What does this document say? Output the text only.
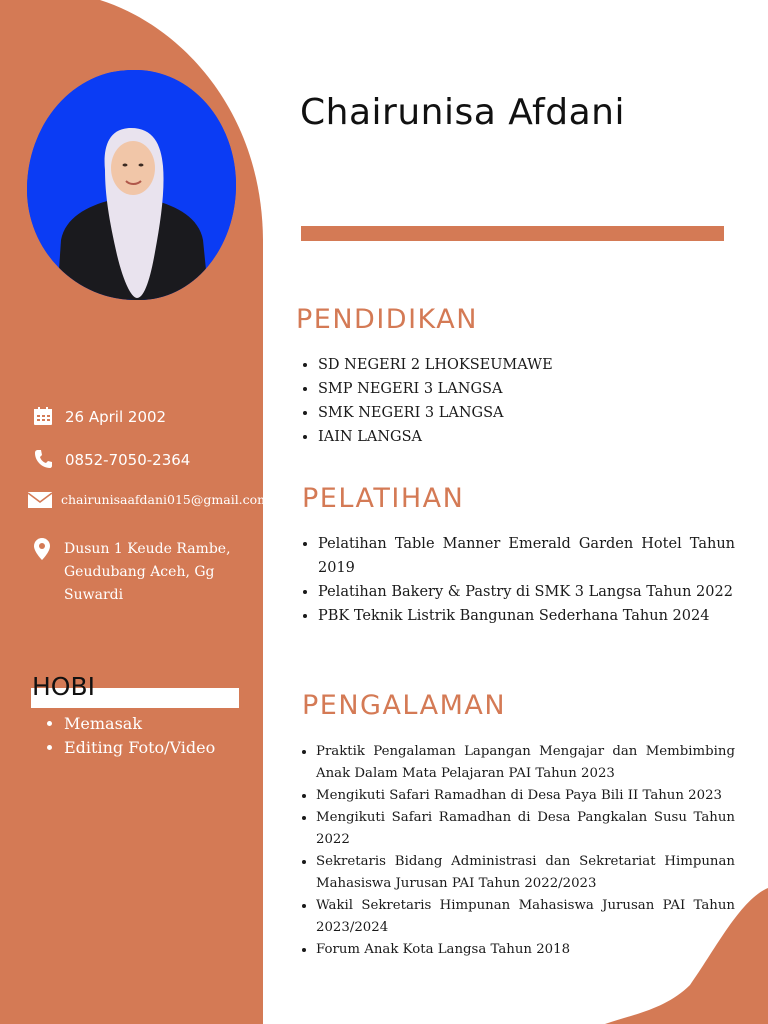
Chairunisa Afdani
26 April 2002
0852-7050-2364
chairunisaafdani015@gmail.com
Dusun 1 Keude Rambe, Geudubang Aceh, Gg Suwardi
HOBI
• Memasak
• Editing Foto/Video
PENDIDIKAN
• SD NEGERI 2 LHOKSEUMAWE
• SMP NEGERI 3 LANGSA
• SMK NEGERI 3 LANGSA
• IAIN LANGSA
PELATIHAN
• Pelatihan Table Manner Emerald Garden Hotel Tahun 2019
• Pelatihan Bakery & Pastry di SMK 3 Langsa Tahun 2022
• PBK Teknik Listrik Bangunan Sederhana Tahun 2024
PENGALAMAN
• Praktik Pengalaman Lapangan Mengajar dan Membimbing Anak Dalam Mata Pelajaran PAI Tahun 2023
• Mengikuti Safari Ramadhan di Desa Paya Bili II Tahun 2023
• Mengikuti Safari Ramadhan di Desa Pangkalan Susu Tahun 2022
• Sekretaris Bidang Administrasi dan Sekretariat Himpunan Mahasiswa Jurusan PAI Tahun 2022/2023
• Wakil Sekretaris Himpunan Mahasiswa Jurusan PAI Tahun 2023/2024
• Forum Anak Kota Langsa Tahun 2018
